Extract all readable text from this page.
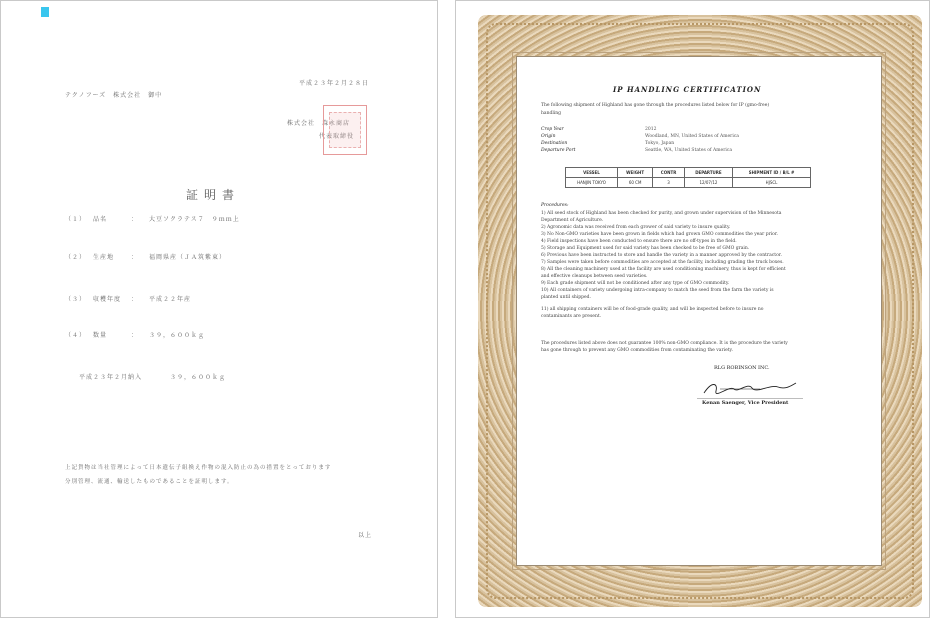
平成２３年２月２８日
テクノフーズ　株式会社　御中
株式会社　森永商店
代表取締役
証明書
（１） 品名	： 大豆ソクラテス７　９ｍｍ上
（２） 生産地	： 福岡県産（ＪＡ筑紫東）
（３） 収穫年度 ： 平成２２年産
（４） 数量	： ３９，６００ｋｇ
平成２３年２月納入　　　　３９，６００ｋｇ
上記貨物は当社管理によって日本遺伝子組換え作物の混入防止の為の措置をとっております
分別管理、流通、輸送したものであることを証明します。
以上
IP HANDLING CERTIFICATION
The following shipment of Highland has gone through the procedures listed below for IP (gmo-free)
handling
Crop Year	2012
Origin	Woodland, MN, United States of America
Destination	Tokyo, Japan
Departure Port	Seattle, WA, United States of America
VESSEL	WEIGHT	CONTR	DEPARTURE	SHIPMENT ID / B/L #
HANJIN TOKYO	60 CM	3	12/07/12	HJSCL
Procedures:
1) All seed stock of Highland has been checked for purity, and grown under supervision of the Minnesota
Department of Agriculture.
2) Agronomic data was received from each grower of said variety to insure quality.
3) No Non-GMO varieties have been grown in fields which had grown GMO commodities the year prior.
4) Field inspections have been conducted to ensure there are no off-types in the field.
5) Storage and Equipment used for said variety has been checked to be free of GMO grain.
6) Previous have been instructed to store and handle the variety in a manner approved by the contractor.
7) Samples were taken before commodities are accepted at the facility, including grading the truck boxes.
8) All the cleaning machinery used at the facility are used conditioning machinery, thus is kept for efficient
and effective cleanups between seed varieties.
9) Each grade shipment will not be conditioned after any type of GMO commodity.
10) All containers of variety undergoing intra-company to match the seed from the farm the variety is
planted until shipped.
11) all shipping containers will be of food-grade quality, and will be inspected before to insure no
contaminants are present.
The procedures listed above does not guarantee 100% non-GMO compliance. It is the procedure the variety
has gone through to prevent any GMO commodities from contaminating the variety.
RLG ROBINSON INC.
Kenan Saenger, Vice President
